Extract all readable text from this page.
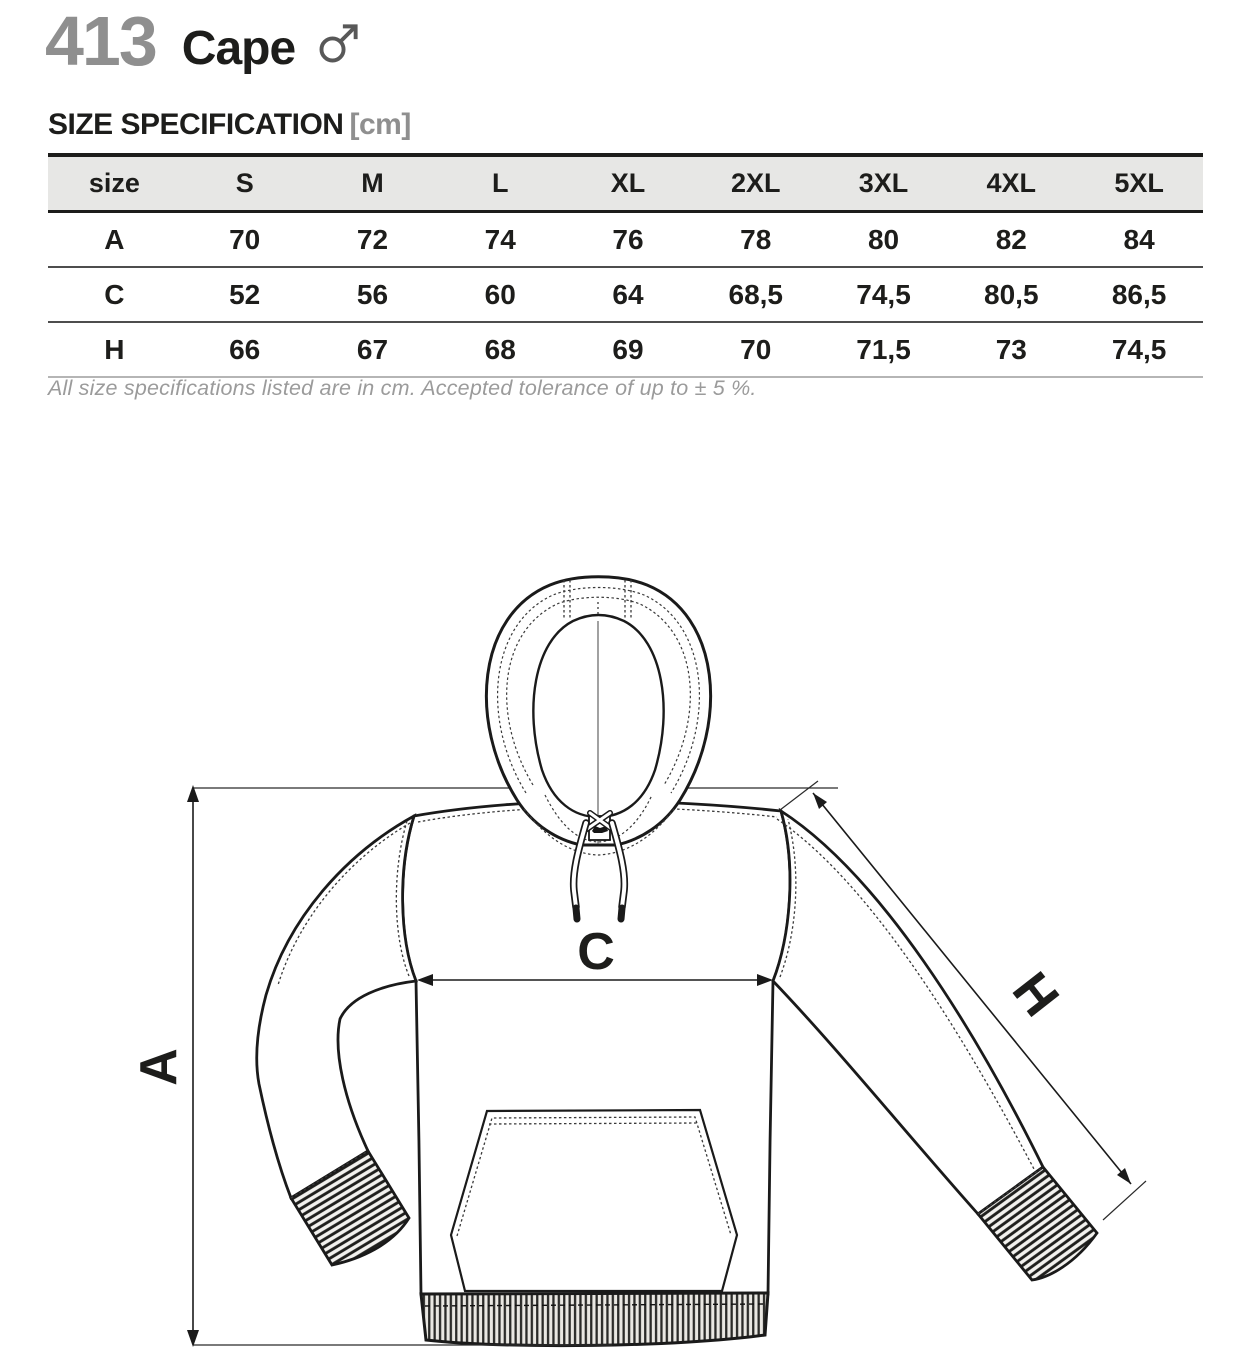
413 Cape
SIZE SPECIFICATION [cm]
size	S	M	L	XL	2XL	3XL	4XL	5XL
A	70	72	74	76	78	80	82	84
C	52	56	60	64	68,5	74,5	80,5	86,5
H	66	67	68	69	70	71,5	73	74,5
All size specifications listed are in cm. Accepted tolerance of up to ± 5 %.
A
C
H
